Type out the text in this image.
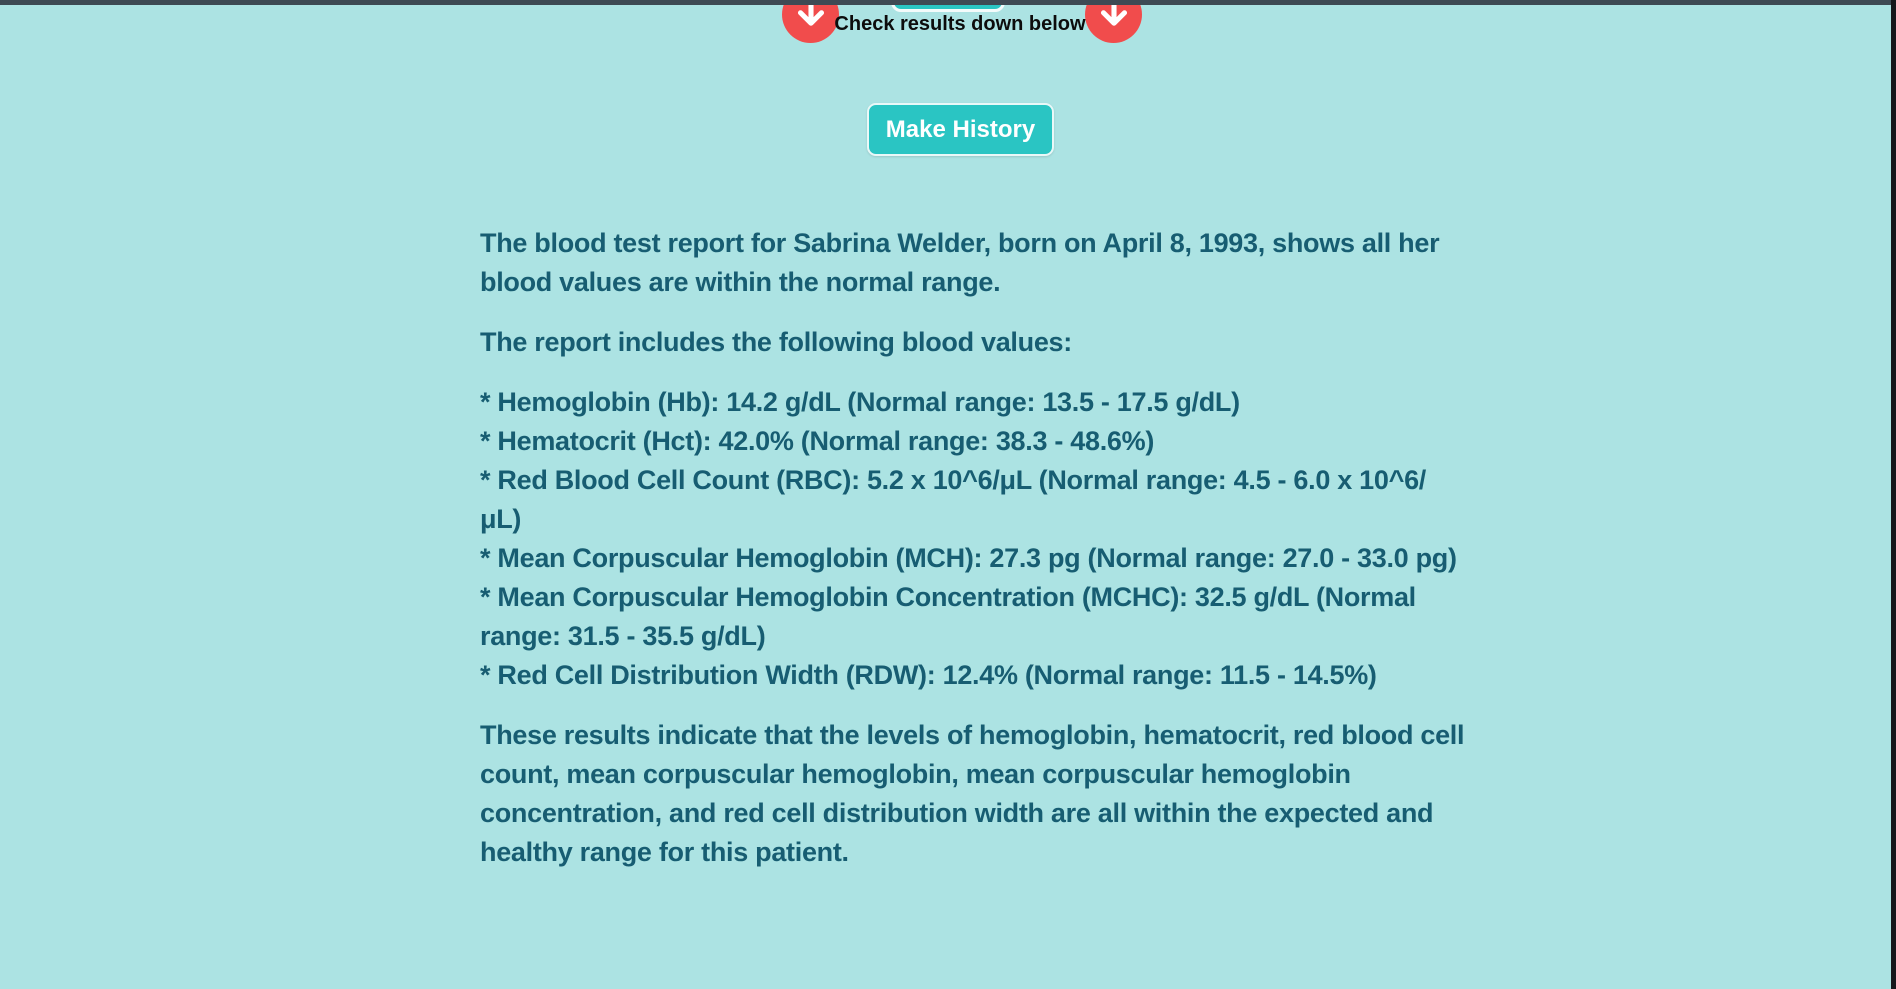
Check results down below
Make History
The blood test report for Sabrina Welder, born on April 8, 1993, shows all her blood values are within the normal range.
The report includes the following blood values:
* Hemoglobin (Hb): 14.2 g/dL (Normal range: 13.5 - 17.5 g/dL)
* Hematocrit (Hct): 42.0% (Normal range: 38.3 - 48.6%)
* Red Blood Cell Count (RBC): 5.2 x 10^6/μL (Normal range: 4.5 - 6.0 x 10^6/μL)
* Mean Corpuscular Hemoglobin (MCH): 27.3 pg (Normal range: 27.0 - 33.0 pg)
* Mean Corpuscular Hemoglobin Concentration (MCHC): 32.5 g/dL (Normal range: 31.5 - 35.5 g/dL)
* Red Cell Distribution Width (RDW): 12.4% (Normal range: 11.5 - 14.5%)
These results indicate that the levels of hemoglobin, hematocrit, red blood cell count, mean corpuscular hemoglobin, mean corpuscular hemoglobin concentration, and red cell distribution width are all within the expected and healthy range for this patient.
